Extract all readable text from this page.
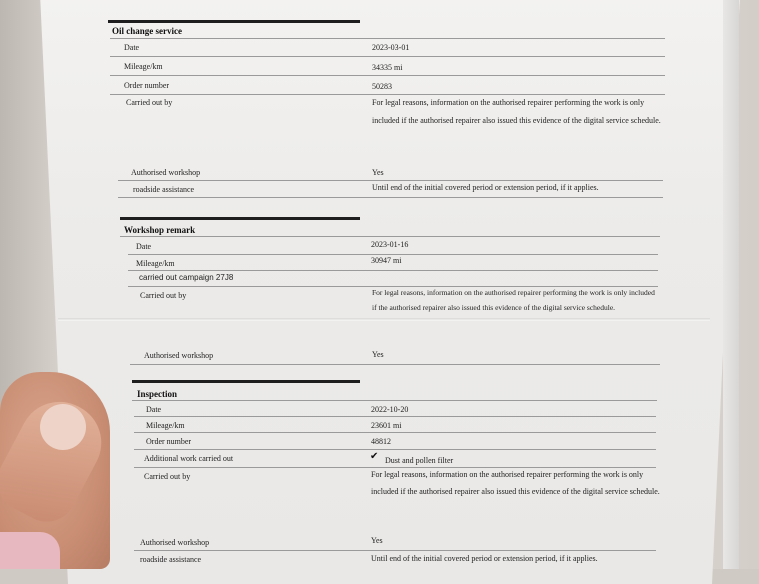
Oil change service
Date	2023-03-01
Mileage/km	34335 mi
Order number	50283
Carried out by	For legal reasons, information on the authorised repairer performing the work is only included if the authorised repairer also issued this evidence of the digital service schedule.
Authorised workshop	Yes
roadside assistance	Until end of the initial covered period or extension period, if it applies.
Workshop remark
Date	2023-01-16
Mileage/km	30947 mi
carried out campaign 27J8
Carried out by	For legal reasons, information on the authorised repairer performing the work is only included if the authorised repairer also issued this evidence of the digital service schedule.
Authorised workshop	Yes
Inspection
Date	2022-10-20
Mileage/km	23601 mi
Order number	48812
Additional work carried out	✔ Dust and pollen filter
Carried out by	For legal reasons, information on the authorised repairer performing the work is only included if the authorised repairer also issued this evidence of the digital service schedule.
Authorised workshop	Yes
roadside assistance	Until end of the initial covered period or extension period, if it applies.
